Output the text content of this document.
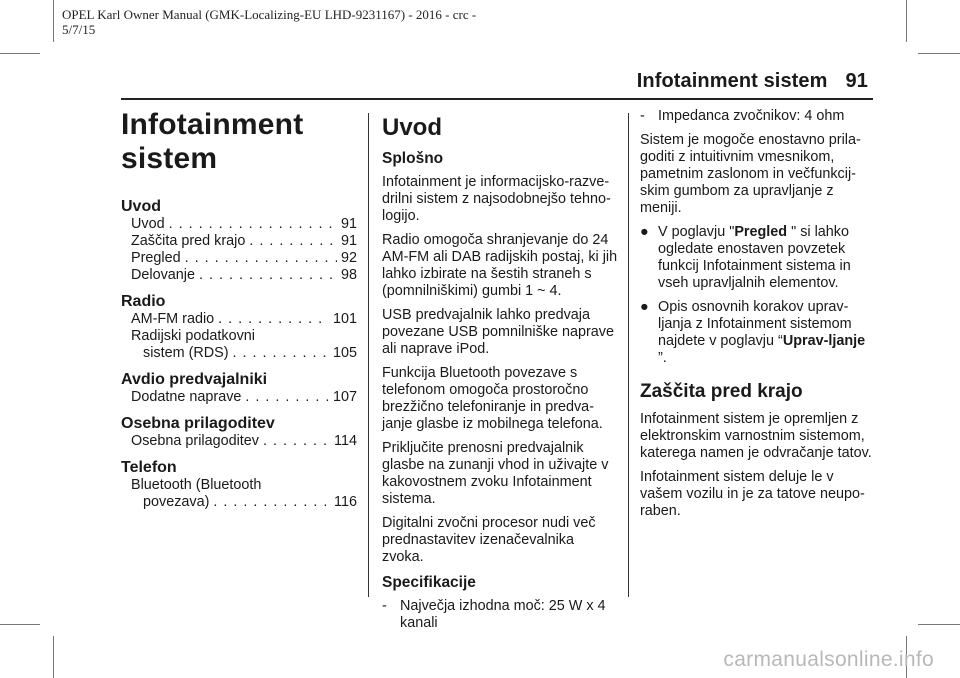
OPEL Karl Owner Manual (GMK-Localizing-EU LHD-9231167) - 2016 - crc -
5/7/15
Infotainment sistem 91
Infotainment
sistem
Uvod
Uvod . . .	91
Zaščita pred krajo . . .	91
Pregled . . .	92
Delovanje . . .	98
Radio
AM-FM radio . . .	101
Radijski podatkovni
sistem (RDS) . . .	105
Avdio predvajalniki
Dodatne naprave . . .	107
Osebna prilagoditev
Osebna prilagoditev . . .	114
Telefon
Bluetooth (Bluetooth
povezava) . . .	116
Uvod
Splošno

Infotainment je informacijsko-razve-drilni sistem z najsodobnejšo tehno-logijo.

Radio omogoča shranjevanje do 24 AM-FM ali DAB radijskih postaj, ki jih lahko izbirate na šestih straneh s (pomnilniškimi) gumbi 1 ~ 4.

USB predvajalnik lahko predvaja povezane USB pomnilniške naprave ali naprave iPod.

Funkcija Bluetooth povezave s telefonom omogoča prostoročno brezžično telefoniranje in predva-janje glasbe iz mobilnega telefona.

Priključite prenosni predvajalnik glasbe na zunanji vhod in uživajte v kakovostnem zvoku Infotainment sistema.

Digitalni zvočni procesor nudi več prednastavitev izenačevalnika zvoka.

Specifikacije
- Največja izhodna moč: 25 W x 4 kanali
- Impedanca zvočnikov: 4 ohm

Sistem je mogoče enostavno prila-goditi z intuitivnim vmesnikom, pametnim zaslonom in večfunkcij-skim gumbom za upravljanje z meniji.

● V poglavju "Pregled " si lahko ogledate enostaven povzetek funkcij Infotainment sistema in vseh upravljalnih elementov.
● Opis osnovnih korakov uprav-ljanja z Infotainment sistemom najdete v poglavju “Uprav-ljanje ”.
Zaščita pred krajo

Infotainment sistem je opremljen z elektronskim varnostnim sistemom, katerega namen je odvračanje tatov.

Infotainment sistem deluje le v vašem vozilu in je za tatove neupo-raben.

carmanualsonline.info
